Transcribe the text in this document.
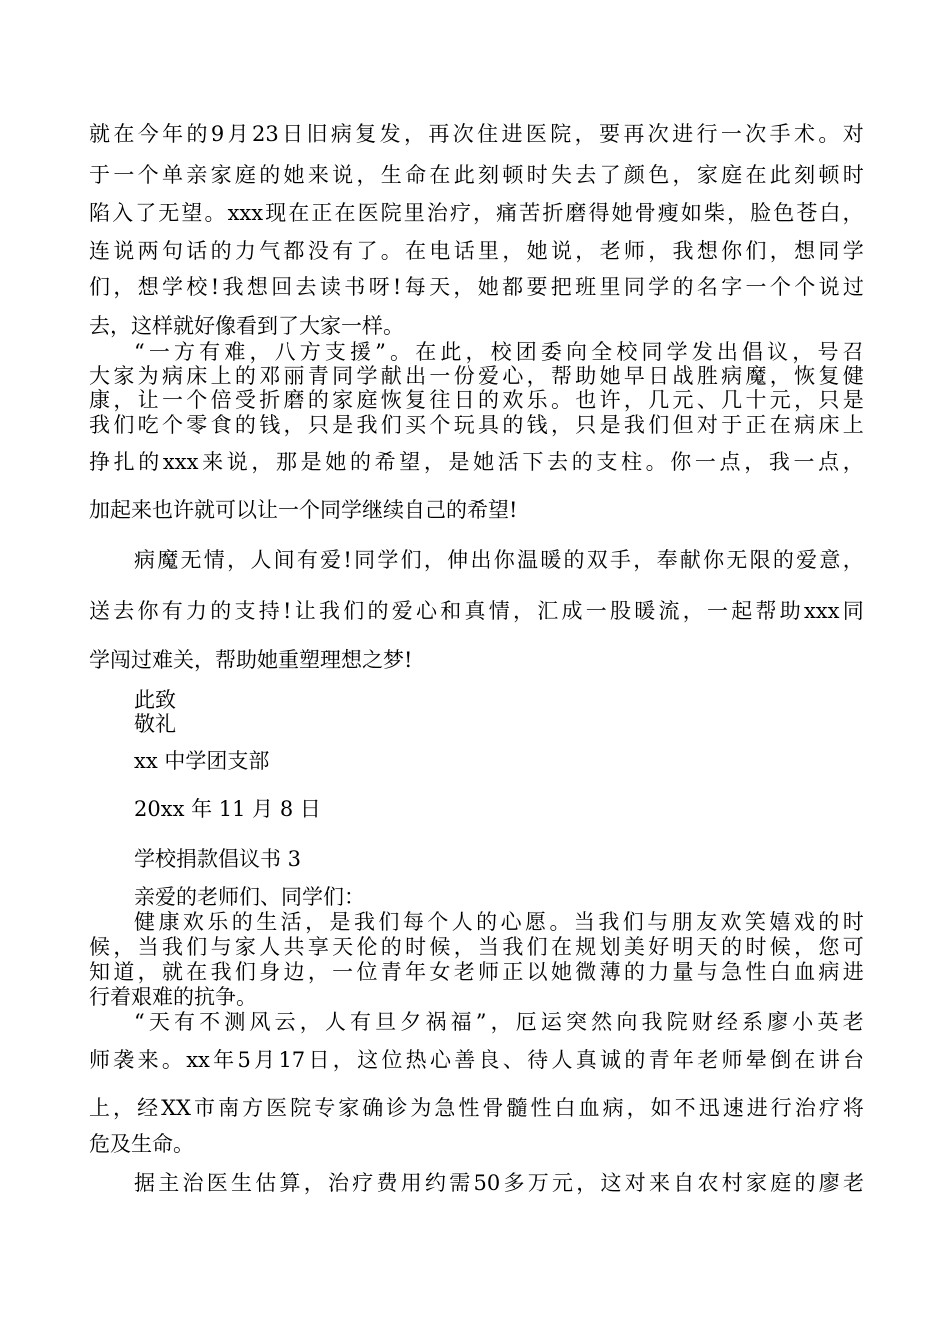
就 在 今 年 的 9 月 23 日 旧 病 复 发 ， 再 次 住 进 医 院 ， 要 再 次 进 行 一 次 手 术 。 对
于 一 个 单 亲 家 庭 的 她 来 说 ， 生 命 在 此 刻 顿 时 失 去 了 颜 色 ， 家 庭 在 此 刻 顿 时
陷 入 了 无 望 。 xxx 现 在 正 在 医 院 里 治 疗 ， 痛 苦 折 磨 得 她 骨 瘦 如 柴 ， 脸 色 苍 白 ，
连 说 两 句 话 的 力 气 都 没 有 了 。 在 电 话 里 ， 她 说 ， 老 师 ， 我 想 你 们 ， 想 同 学
们 ， 想 学 校 ! 我 想 回 去 读 书 呀 ! 每 天 ， 她 都 要 把 班 里 同 学 的 名 字 一 个 个 说 过
去，这样就好像看到了大家一样。
“ 一 方 有 难 ， 八 方 支 援 ” 。 在 此 ， 校 团 委 向 全 校 同 学 发 出 倡 议 ， 号 召
大 家 为 病 床 上 的 邓 丽 青 同 学 献 出 一 份 爱 心 ， 帮 助 她 早 日 战 胜 病 魔 ， 恢 复 健
康 ， 让 一 个 倍 受 折 磨 的 家 庭 恢 复 往 日 的 欢 乐 。 也 许 ， 几 元 、 几 十 元 ， 只 是
我 们 吃 个 零 食 的 钱 ， 只 是 我 们 买 个 玩 具 的 钱 ， 只 是 我 们 但 对 于 正 在 病 床 上
挣 扎 的 xxx 来 说 ， 那 是 她 的 希 望 ， 是 她 活 下 去 的 支 柱 。 你 一 点 ， 我 一 点 ，
加起来也许就可以让一个同学继续自己的希望!
病 魔 无 情 ， 人 间 有 爱 ! 同 学 们 ， 伸 出 你 温 暖 的 双 手 ， 奉 献 你 无 限 的 爱 意 ，
送 去 你 有 力 的 支 持 ! 让 我 们 的 爱 心 和 真 情 ， 汇 成 一 股 暖 流 ， 一 起 帮 助 xxx 同
学闯过难关，帮助她重塑理想之梦!
此致
敬礼
xx 中学团支部
20xx 年 11 月 8 日
学校捐款倡议书 3
亲爱的老师们、同学们：
健 康 欢 乐 的 生 活 ， 是 我 们 每 个 人 的 心 愿 。 当 我 们 与 朋 友 欢 笑 嬉 戏 的 时
候 ， 当 我 们 与 家 人 共 享 天 伦 的 时 候 ， 当 我 们 在 规 划 美 好 明 天 的 时 候 ， 您 可
知 道 ， 就 在 我 们 身 边 ， 一 位 青 年 女 老 师 正 以 她 微 薄 的 力 量 与 急 性 白 血 病 进
行着艰难的抗争。
“ 天 有 不 测 风 云 ， 人 有 旦 夕 祸 福 ” ， 厄 运 突 然 向 我 院 财 经 系 廖 小 英 老
师 袭 来 。 xx 年 5 月 17 日 ， 这 位 热 心 善 良 、 待 人 真 诚 的 青 年 老 师 晕 倒 在 讲 台
上 ， 经 XX 市 南 方 医 院 专 家 确 诊 为 急 性 骨 髓 性 白 血 病 ， 如 不 迅 速 进 行 治 疗 将
危及生命。
据 主 治 医 生 估 算 ， 治 疗 费 用 约 需 50 多 万 元 ， 这 对 来 自 农 村 家 庭 的 廖 老
